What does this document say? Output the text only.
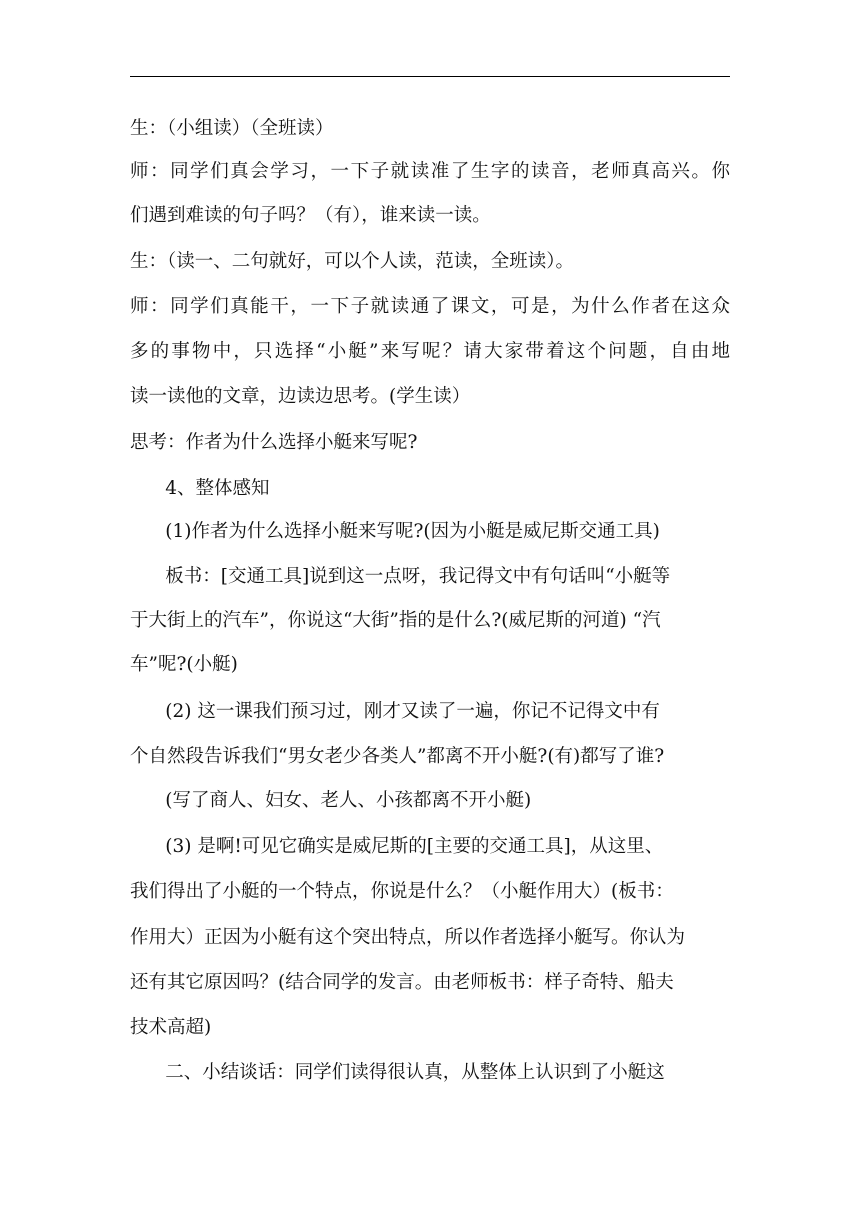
生：（小组读）（全班读）
师：同学们真会学习，一下子就读准了生字的读音，老师真高兴。你
们遇到难读的句子吗？（有），谁来读一读。
生：（读一、二句就好，可以个人读，范读，全班读）。
师：同学们真能干，一下子就读通了课文，可是，为什么作者在这众
多的事物中，只选择“小艇”来写呢？请大家带着这个问题，自由地
读一读他的文章，边读边思考。(学生读）
思考：作者为什么选择小艇来写呢?
4、整体感知
(1)作者为什么选择小艇来写呢?(因为小艇是威尼斯交通工具)
板书：[交通工具]说到这一点呀，我记得文中有句话叫“小艇等
于大街上的汽车”，你说这“大街”指的是什么?(威尼斯的河道) “汽
车”呢?(小艇)
(2) 这一课我们预习过，刚才又读了一遍，你记不记得文中有
个自然段告诉我们“男女老少各类人”都离不开小艇?(有)都写了谁?
(写了商人、妇女、老人、小孩都离不开小艇)
(3) 是啊!可见它确实是威尼斯的[主要的交通工具]，从这里、
我们得出了小艇的一个特点，你说是什么？（小艇作用大）(板书：
作用大）正因为小艇有这个突出特点，所以作者选择小艇写。你认为
还有其它原因吗？(结合同学的发言。由老师板书：样子奇特、船夫
技术高超)
二、小结谈话：同学们读得很认真，从整体上认识到了小艇这
